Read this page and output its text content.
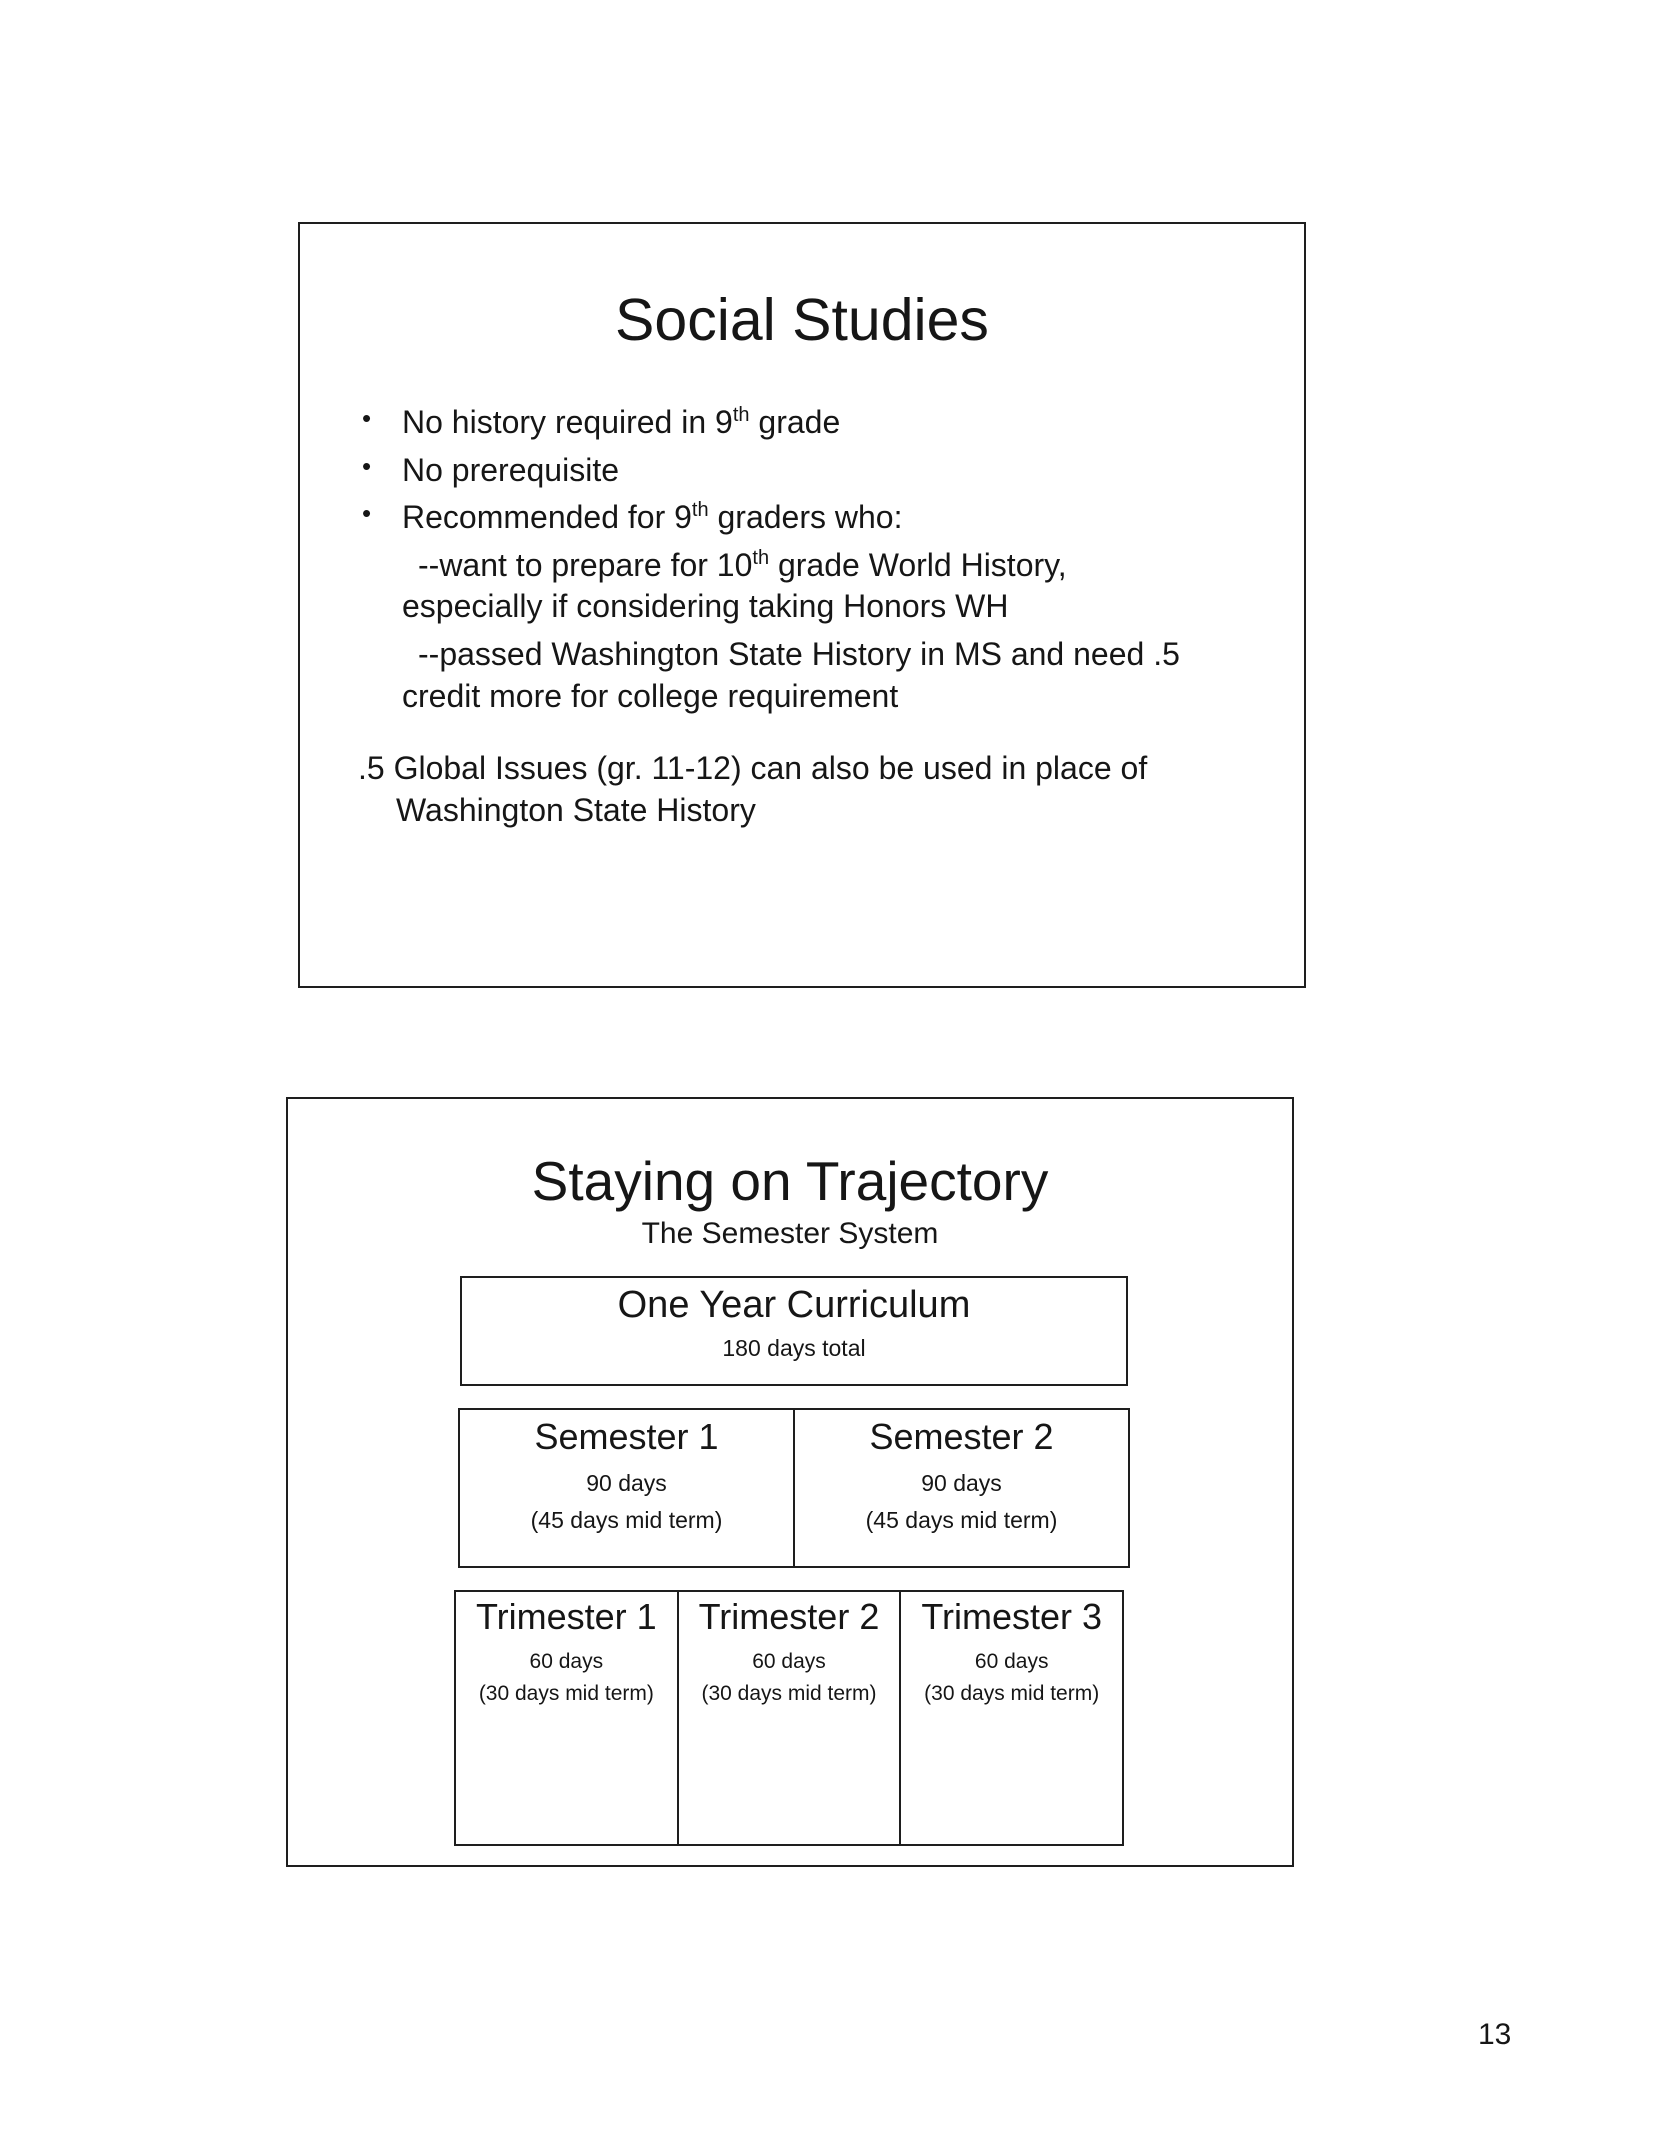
Social Studies
• No history required in 9th grade
• No prerequisite
• Recommended for 9th graders who:
--want to prepare for 10th grade World History,
especially if considering taking Honors WH
--passed Washington State History in MS and need .5
credit more for college requirement
.5 Global Issues (gr. 11-12) can also be used in place of
Washington State History
Staying on Trajectory
The Semester System
One Year Curriculum
180 days total
Semester 1
90 days
(45 days mid term)
Semester 2
90 days
(45 days mid term)
Trimester 1
60 days
(30 days mid term)
Trimester 2
60 days
(30 days mid term)
Trimester 3
60 days
(30 days mid term)
13
